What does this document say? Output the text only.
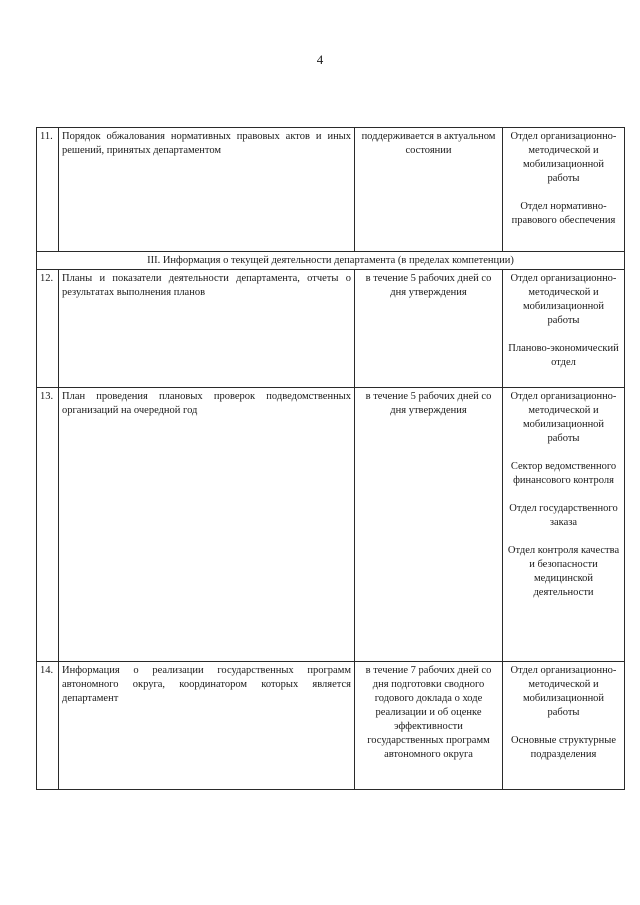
4
11.	Порядок обжалования нормативных правовых актов и иных решений, принятых департаментом	поддерживается в актуальном состоянии	Отдел организационно-методической и мобилизационной работы
Отдел нормативно-правового обеспечения

III. Информация о текущей деятельности департамента (в пределах компетенции)			
12.	Планы и показатели деятельности департамента, отчеты о результатах выполнения планов	в течение 5 рабочих дней со дня утверждения	Отдел организационно-методической и мобилизационной работы
Планово-экономический отдел

13.	План проведения плановых проверок подведомственных организаций на очередной год	в течение 5 рабочих дней со дня утверждения	Отдел организационно-методической и мобилизационной работы
Сектор ведомственного финансового контроля
Отдел государственного заказа
Отдел контроля качества и безопасности медицинской деятельности

14.	Информация о реализации государственных программ автономного округа, координатором которых является департамент	в течение 7 рабочих дней со дня подготовки сводного годового доклада о ходе реализации и об оценке эффективности государственных программ автономного округа	Отдел организационно-методической и мобилизационной работы
Основные структурные подразделения
